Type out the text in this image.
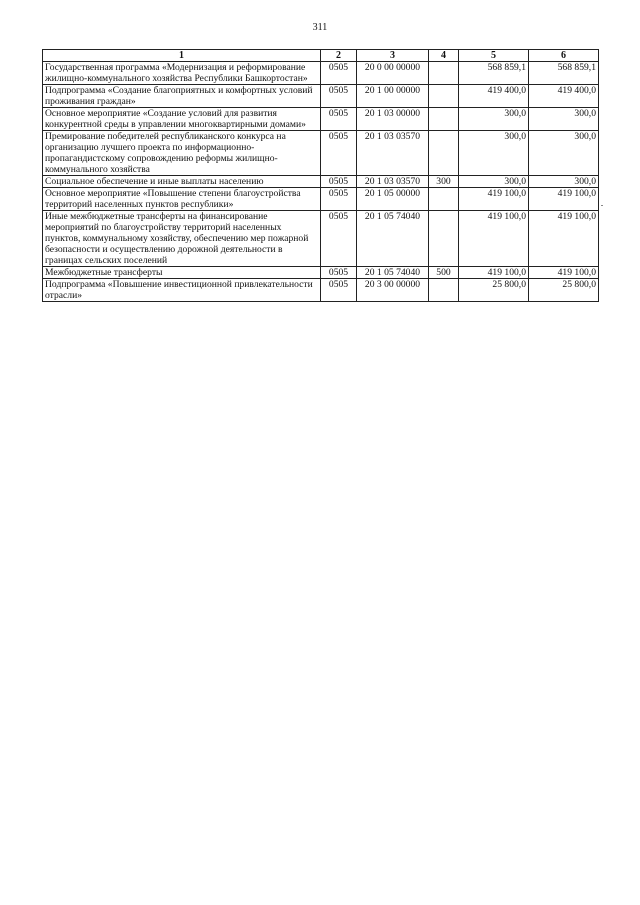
311
1	2	3	4	5	6
Государственная программа «Модернизация и реформирование жилищно-коммунального хозяйства Республики Башкортостан»	0505	20 0 00 00000		568 859,1	568 859,1
Подпрограмма «Создание благоприятных и комфортных условий проживания граждан»	0505	20 1 00 00000		419 400,0	419 400,0
Основное мероприятие «Создание условий для развития конкурентной среды в управлении многоквартирными домами»	0505	20 1 03 00000		300,0	300,0
Премирование победителей республиканского конкурса на организацию лучшего проекта по информационно-пропагандистскому сопровождению реформы жилищно-коммунального хозяйства	0505	20 1 03 03570		300,0	300,0
Социальное обеспечение и иные выплаты населению	0505	20 1 03 03570	300	300,0	300,0
Основное мероприятие «Повышение степени благоустройства территорий населенных пунктов республики»	0505	20 1 05 00000		419 100,0	419 100,0
Иные межбюджетные трансферты на финансирование мероприятий по благоустройству территорий населенных пунктов, коммунальному хозяйству, обеспечению мер пожарной безопасности и осуществлению дорожной деятельности в границах сельских поселений	0505	20 1 05 74040		419 100,0	419 100,0
Межбюджетные трансферты	0505	20 1 05 74040	500	419 100,0	419 100,0
Подпрограмма «Повышение инвестиционной привлекательности отрасли»	0505	20 3 00 00000		25 800,0	25 800,0
